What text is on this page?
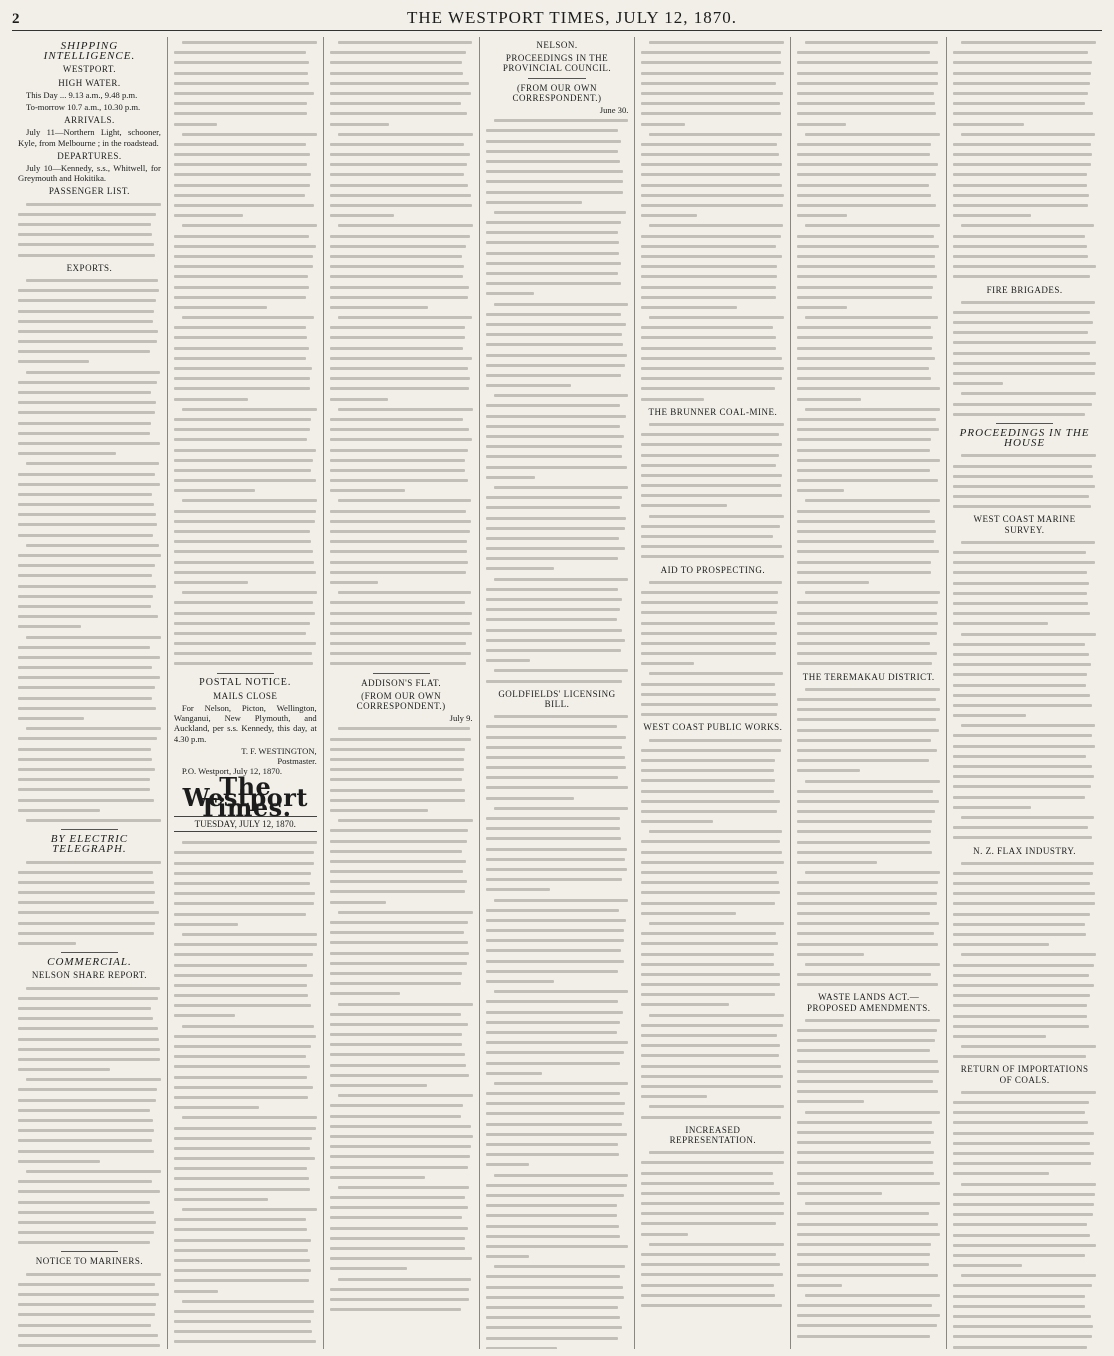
2	THE WESTPORT TIMES, JULY 12, 1870.
SHIPPING INTELLIGENCE.
WESTPORT.
HIGH WATER.

This Day ... 9.13 a.m., 9.48 p.m.

To-morrow 10.7 a.m., 10.30 p.m.

ARRIVALS.

July 11—Northern Light, schooner, Kyle, from Melbourne ; in the roadstead.

DEPARTURES.

July 10—Kennedy, s.s., Whitwell, for Greymouth and Hokitika.

PASSENGER LIST.
EXPORTS.
BY ELECTRIC TELEGRAPH.
COMMERCIAL.
NELSON SHARE REPORT.
NOTICE TO MARINERS.
POSTAL NOTICE.
MAILS CLOSE

For Nelson, Picton, Wellington, Wanganui, New Plymouth, and Auckland, per s.s. Kennedy, this day, at 4.30 p.m.

T. F. WESTINGTON,
Postmaster.

P.O. Westport, July 12, 1870.

The Westport Times.
TUESDAY, JULY 12, 1870.
ADDISON'S FLAT.
(FROM OUR OWN CORRESPONDENT.)
July 9.
NELSON.
PROCEEDINGS IN THE PROVINCIAL COUNCIL.
(FROM OUR OWN CORRESPONDENT.)
June 30.
GOLDFIELDS' LICENSING BILL.
THE BRUNNER COAL-MINE.
AID TO PROSPECTING.
WEST COAST PUBLIC WORKS.
INCREASED REPRESENTATION.
THE TEREMAKAU DISTRICT.
WASTE LANDS ACT.—PROPOSED AMENDMENTS.
FIRE BRIGADES.
PROCEEDINGS IN THE HOUSE
WEST COAST MARINE SURVEY.
N. Z. FLAX INDUSTRY.
RETURN OF IMPORTATIONS OF COALS.
